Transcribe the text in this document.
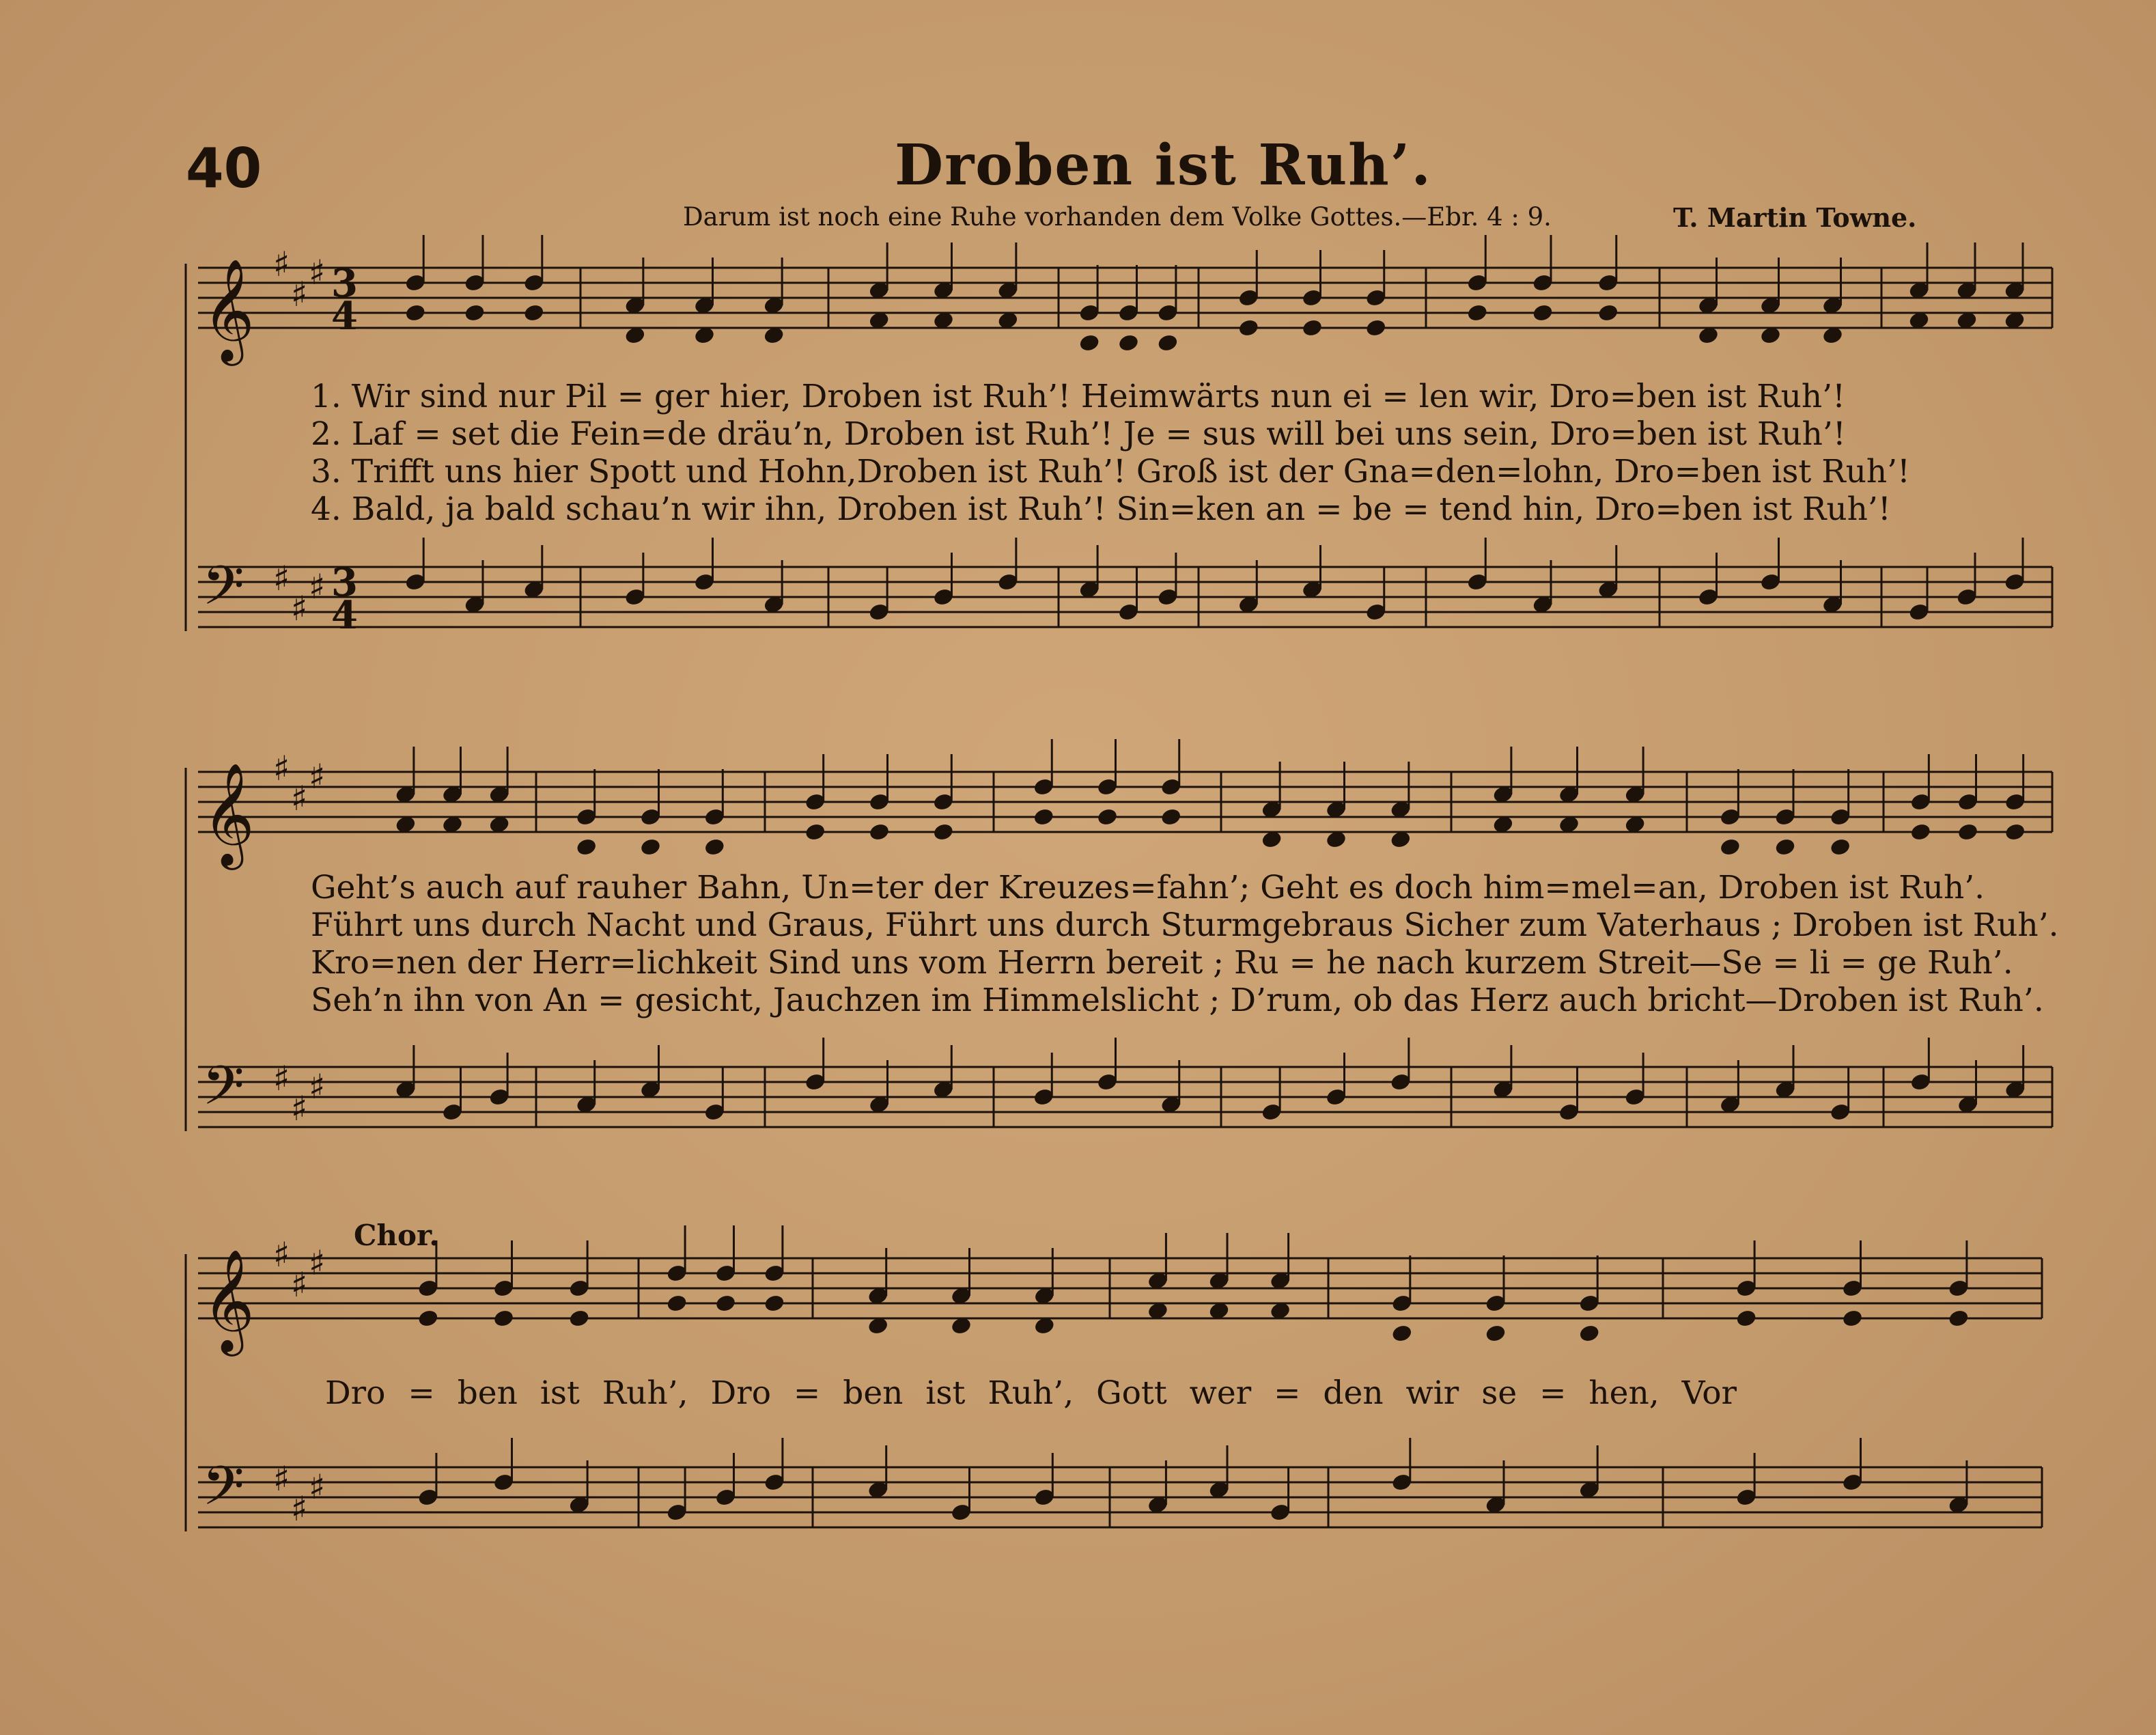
40	Droben ist Ruh’.
Darum ist noch eine Ruhe vorhanden dem Volke Gottes.—Ebr. 4 : 9.	T. Martin Towne.
𝄞 ♯
♯
♯ 3
4
𝄢 ♯
♯
♯ 3
4
𝄞 ♯
♯
♯
𝄢 ♯
♯
♯
𝄞 ♯
♯
♯
𝄢 ♯
♯
♯
1. Wir sind nur Pil = ger hier, Droben ist Ruh’! Heimwärts nun ei = len wir, Dro=ben ist Ruh’!
2. Laf = set die Fein=de dräu’n, Droben ist Ruh’! Je = sus will bei uns sein, Dro=ben ist Ruh’!
3. Trifft uns hier Spott und Hohn,Droben ist Ruh’! Groß ist der Gna=den=lohn, Dro=ben ist Ruh’!
4. Bald, ja bald schau’n wir ihn, Droben ist Ruh’! Sin=ken an = be = tend hin, Dro=ben ist Ruh’!
Geht’s auch auf rauher Bahn, Un=ter der Kreuzes=fahn’; Geht es doch him=mel=an, Droben ist Ruh’.
Führt uns durch Nacht und Graus, Führt uns durch Sturmgebraus Sicher zum Vaterhaus ; Droben ist Ruh’.
Kro=nen der Herr=lichkeit Sind uns vom Herrn bereit ; Ru = he nach kurzem Streit—Se = li = ge Ruh’.
Seh’n ihn von An = gesicht, Jauchzen im Himmelslicht ; D’rum, ob das Herz auch bricht—Droben ist Ruh’.
Chor.
Dro = ben ist Ruh’, Dro = ben ist Ruh’, Gott wer = den wir se = hen, Vor
